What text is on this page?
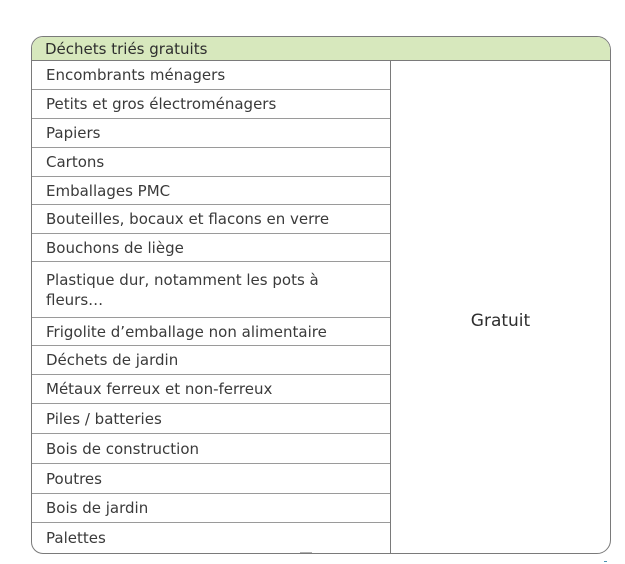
Déchets triés gratuits
Encombrants ménagers
Petits et gros électroménagers
Papiers
Cartons
Emballages PMC
Bouteilles, bocaux et flacons en verre
Bouchons de liège
Plastique dur, notamment les pots à fleurs…
Frigolite d’emballage non alimentaire
Déchets de jardin
Métaux ferreux et non-ferreux
Piles / batteries
Bois de construction
Poutres
Bois de jardin
Palettes
Gratuit
